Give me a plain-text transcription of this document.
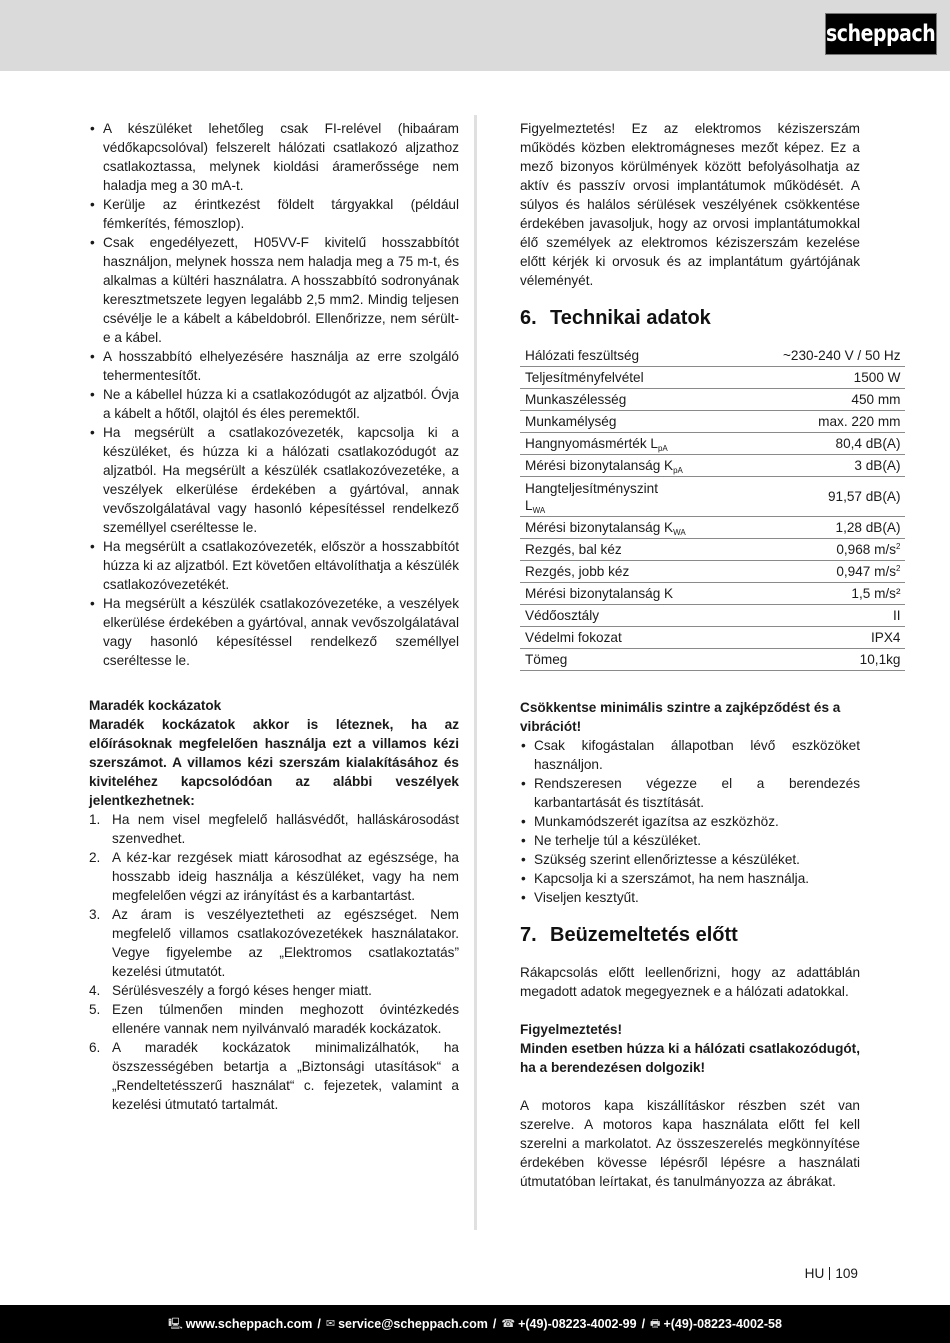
scheppach
• A készüléket lehetőleg csak FI-relével (hibaáram védőkapcsolóval) felszerelt hálózati csatlakozó aljzathoz csatlakoztassa, melynek kioldási áramerőssége nem haladja meg a 30 mA-t.
• Kerülje az érintkezést földelt tárgyakkal (például fémkerítés, fémoszlop).
• Csak engedélyezett, H05VV-F kivitelű hosszabbítót használjon, melynek hossza nem haladja meg a 75 m-t, és alkalmas a kültéri használatra. A hosszabbító sodronyának keresztmetszete legyen legalább 2,5 mm2. Mindig teljesen csévélje le a kábelt a kábeldobról. Ellenőrizze, nem sérült-e a kábel.
• A hosszabbító elhelyezésére használja az erre szolgáló tehermentesítőt.
• Ne a kábellel húzza ki a csatlakozódugót az aljzatból. Óvja a kábelt a hőtől, olajtól és éles peremektől.
• Ha megsérült a csatlakozóvezeték, kapcsolja ki a készüléket, és húzza ki a hálózati csatlakozódugót az aljzatból. Ha megsérült a készülék csatlakozóvezetéke, a veszélyek elkerülése érdekében a gyártóval, annak vevőszolgálatával vagy hasonló képesítéssel rendelkező személlyel cseréltesse le.
• Ha megsérült a csatlakozóvezeték, először a hosszabbítót húzza ki az aljzatból. Ezt követően eltávolíthatja a készülék csatlakozóvezetékét.
• Ha megsérült a készülék csatlakozóvezetéke, a veszélyek elkerülése érdekében a gyártóval, annak vevőszolgálatával vagy hasonló képesítéssel rendelkező személlyel cseréltesse le.

Maradék kockázatok

Maradék kockázatok akkor is léteznek, ha az előírásoknak megfelelően használja ezt a villamos kézi szerszámot. A villamos kézi szerszám kialakításához és kiviteléhez kapcsolódóan az alábbi veszélyek jelentkezhetnek:

1. Ha nem visel megfelelő hallásvédőt, halláskárosodást szenvedhet.
2. A kéz-kar rezgések miatt károsodhat az egészsége, ha hosszabb ideig használja a készüléket, vagy ha nem megfelelően végzi az irányítást és a karbantartást.
3. Az áram is veszélyeztetheti az egészséget. Nem megfelelő villamos csatlakozóvezetékek használatakor. Vegye figyelembe az „Elektromos csatlakoztatás” kezelési útmutatót.
4. Sérülésveszély a forgó késes henger miatt.
5. Ezen túlmenően minden meghozott óvintézkedés ellenére vannak nem nyilvánvaló maradék kockázatok.
6. A maradék kockázatok minimalizálhatók, ha öszszességében betartja a „Biztonsági utasítások“ a „Rendeltetésszerű használat“ c. fejezetek, valamint a kezelési útmutató tartalmát.

Figyelmeztetés! Ez az elektromos kéziszerszám működés közben elektromágneses mezőt képez. Ez a mező bizonyos körülmények között befolyásolhatja az aktív és passzív orvosi implantátumok működését. A súlyos és halálos sérülések veszélyének csökkentése érdekében javasoljuk, hogy az orvosi implantátumokkal élő személyek az elektromos kéziszerszám kezelése előtt kérjék ki orvosuk és az implantátum gyártójának véleményét.

6. Technikai adatok
Hálózati feszültség	~230-240 V / 50 Hz
Teljesítményfelvétel	1500 W
Munkaszélesség	450 mm
Munkamélység	max. 220 mm
Hangnyomásmérték $L_{pA}$	80,4 dB(A)
Mérési bizonytalanság $K_{pA}$	3 dB(A)
Hangteljesítményszint $L_{WA}$	91,57 dB(A)
Mérési bizonytalanság $K_{WA}$	1,28 dB(A)
Rezgés, bal kéz	0,968 $m/s^2$
Rezgés, jobb kéz	0,947 $m/s^2$
Mérési bizonytalanság K	1,5 m/s²
Védőosztály	II
Védelmi fokozat	IPX4
Tömeg	10,1kg

Csökkentse minimális szintre a zajképződést és a vibrációt!

• Csak kifogástalan állapotban lévő eszközöket használjon.
• Rendszeresen végezze el a berendezés karbantartását és tisztítását.
• Munkamódszerét igazítsa az eszközhöz.
• Ne terhelje túl a készüléket.
• Szükség szerint ellenőriztesse a készüléket.
• Kapcsolja ki a szerszámot, ha nem használja.
• Viseljen kesztyűt.
7. Beüzemeltetés előtt

Rákapcsolás előtt leellenőrizni, hogy az adattáblán megadott adatok megegyeznek e a hálózati adatokkal.

Figyelmeztetés!

Minden esetben húzza ki a hálózati csatlakozódugót, ha a berendezésen dolgozik!

A motoros kapa kiszállításkor részben szét van szerelve. A motoros kapa használata előtt fel kell szerelni a markolatot. Az összeszerelés megkönnyítése érdekében kövesse lépésről lépésre a használati útmutatóban leírtakat, és tanulmányozza az ábrákat.

HU 109
🖳 www.scheppach.com / ✉ service@scheppach.com / ☎ +(49)-08223-4002-99 / 🖶 +(49)-08223-4002-58
